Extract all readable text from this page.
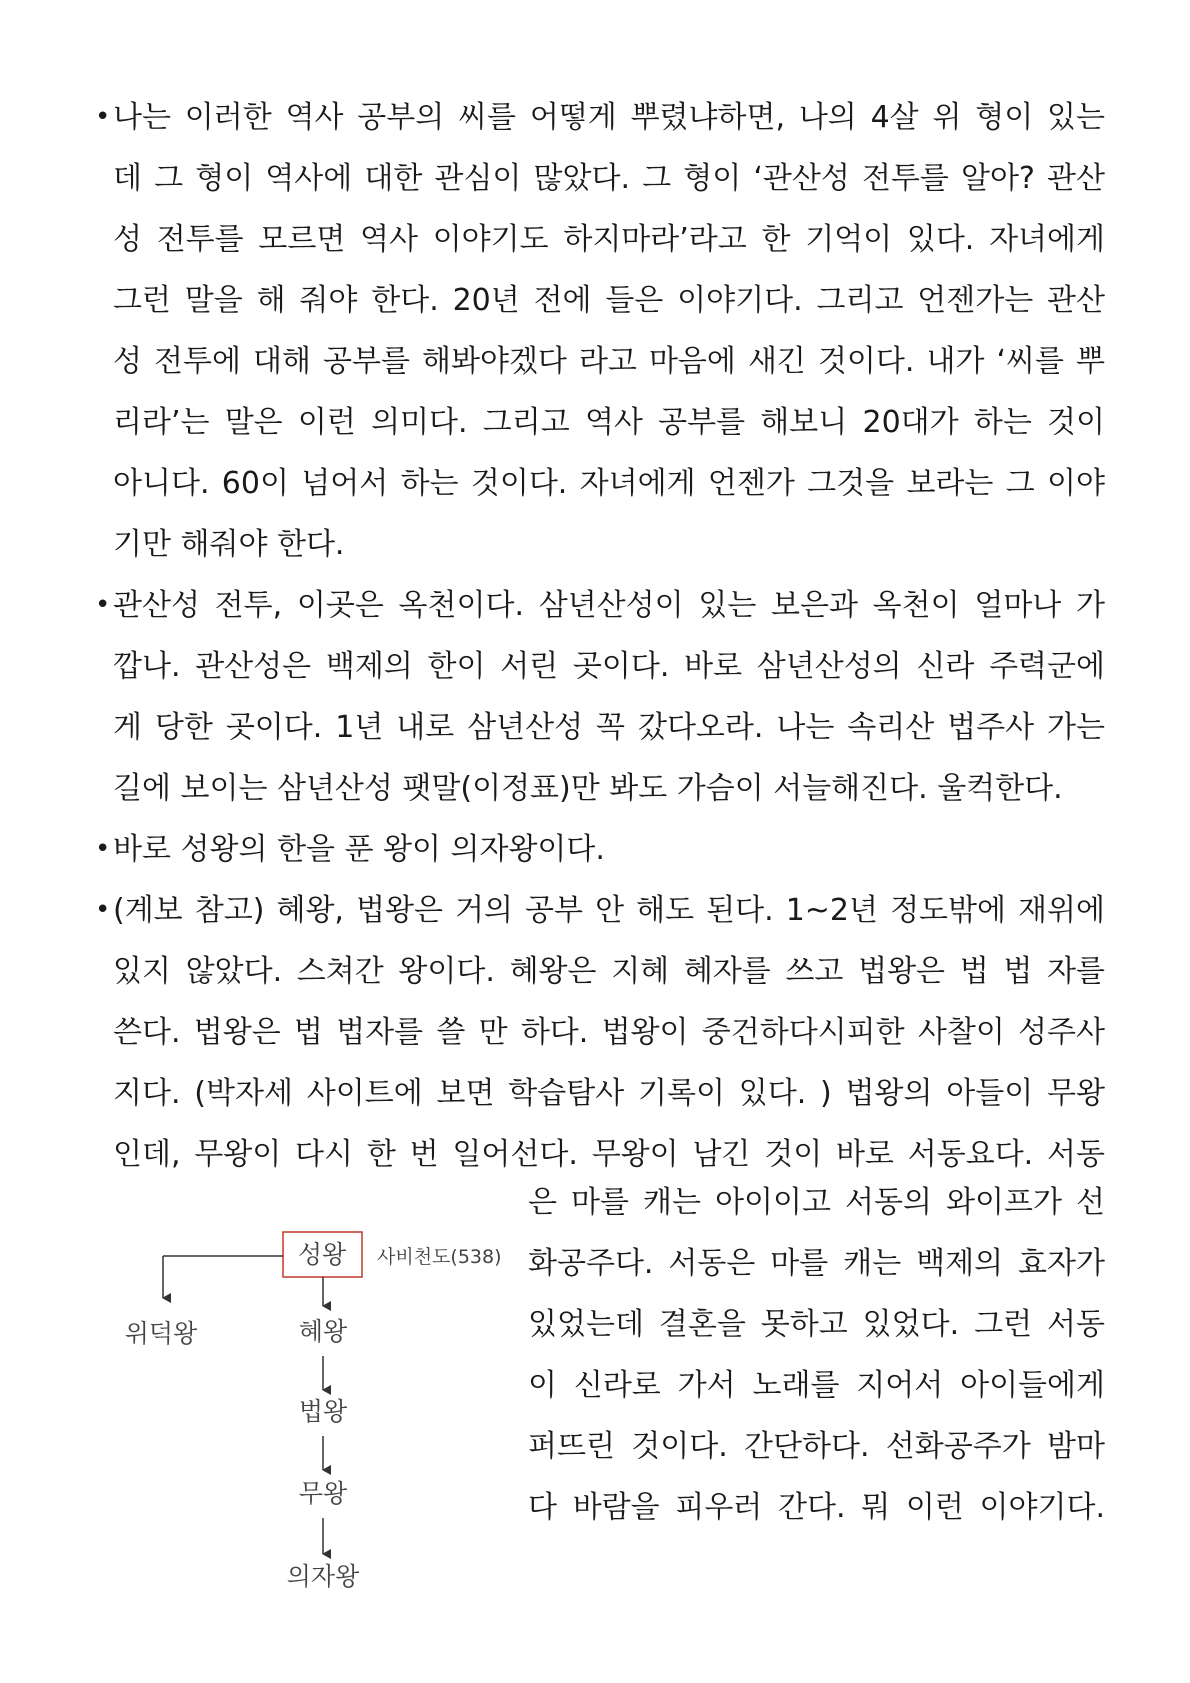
• 나는 이러한 역사 공부의 씨를 어떻게 뿌렸냐하면, 나의 4살 위 형이 있는
데 그 형이 역사에 대한 관심이 많았다. 그 형이 ‘관산성 전투를 알아? 관산
성 전투를 모르면 역사 이야기도 하지마라’라고 한 기억이 있다. 자녀에게
그런 말을 해 줘야 한다. 20년 전에 들은 이야기다. 그리고 언젠가는 관산
성 전투에 대해 공부를 해봐야겠다 라고 마음에 새긴 것이다. 내가 ‘씨를 뿌
리라’는 말은 이런 의미다. 그리고 역사 공부를 해보니 20대가 하는 것이
아니다. 60이 넘어서 하는 것이다. 자녀에게 언젠가 그것을 보라는 그 이야
기만 해줘야 한다.
• 관산성 전투, 이곳은 옥천이다. 삼년산성이 있는 보은과 옥천이 얼마나 가
깝나. 관산성은 백제의 한이 서린 곳이다. 바로 삼년산성의 신라 주력군에
게 당한 곳이다. 1년 내로 삼년산성 꼭 갔다오라. 나는 속리산 법주사 가는
길에 보이는 삼년산성 팻말(이정표)만 봐도 가슴이 서늘해진다. 울컥한다.
• 바로 성왕의 한을 푼 왕이 의자왕이다.
• (계보 참고) 혜왕, 법왕은 거의 공부 안 해도 된다. 1~2년 정도밖에 재위에
있지 않았다. 스쳐간 왕이다. 혜왕은 지혜 혜자를 쓰고 법왕은 법 법 자를
쓴다. 법왕은 법 법자를 쓸 만 하다. 법왕이 중건하다시피한 사찰이 성주사
지다. (박자세 사이트에 보면 학습탐사 기록이 있다. ) 법왕의 아들이 무왕
인데, 무왕이 다시 한 번 일어선다. 무왕이 남긴 것이 바로 서동요다. 서동
은 마를 캐는 아이이고 서동의 와이프가 선
화공주다. 서동은 마를 캐는 백제의 효자가
있었는데 결혼을 못하고 있었다. 그런 서동
이 신라로 가서 노래를 지어서 아이들에게
퍼뜨린 것이다. 간단하다. 선화공주가 밤마
다 바람을 피우러 간다. 뭐 이런 이야기다.
성왕 사비천도(538)
위덕왕	혜왕
법왕
무왕
의자왕
